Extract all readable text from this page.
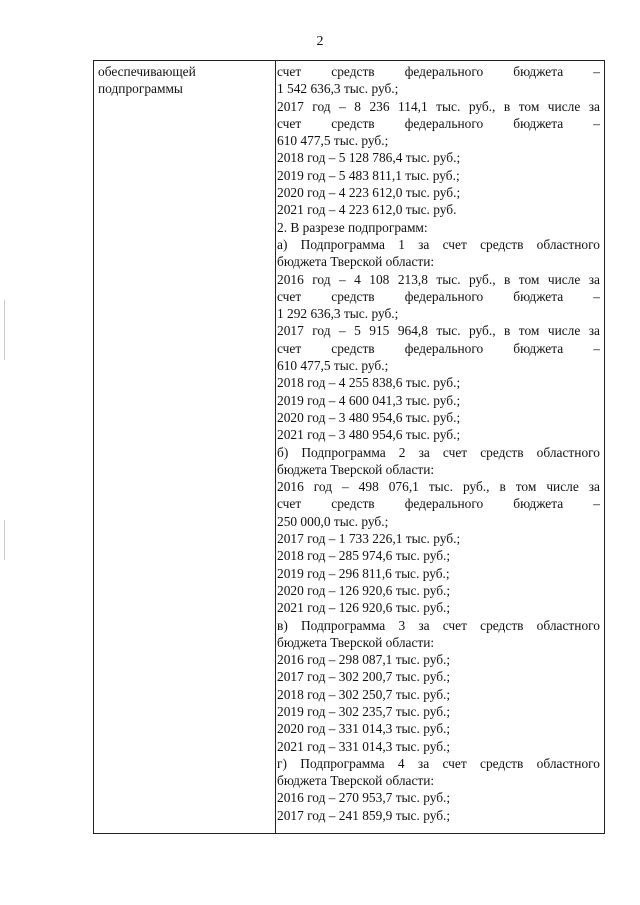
2
обеспечивающей
подпрограммы
счет средств федерального бюджета –
1 542 636,3 тыс. руб.;
2017 год – 8 236 114,1 тыс. руб., в том числе за
счет средств федерального бюджета –
610 477,5 тыс. руб.;
2018 год – 5 128 786,4 тыс. руб.;
2019 год – 5 483 811,1 тыс. руб.;
2020 год – 4 223 612,0 тыс. руб.;
2021 год – 4 223 612,0 тыс. руб.
2. В разрезе подпрограмм:
а) Подпрограмма 1 за счет средств областного
бюджета Тверской области:
2016 год – 4 108 213,8 тыс. руб., в том числе за
счет средств федерального бюджета –
1 292 636,3 тыс. руб.;
2017 год – 5 915 964,8 тыс. руб., в том числе за
счет средств федерального бюджета –
610 477,5 тыс. руб.;
2018 год – 4 255 838,6 тыс. руб.;
2019 год – 4 600 041,3 тыс. руб.;
2020 год – 3 480 954,6 тыс. руб.;
2021 год – 3 480 954,6 тыс. руб.;
б) Подпрограмма 2 за счет средств областного
бюджета Тверской области:
2016 год – 498 076,1 тыс. руб., в том числе за
счет средств федерального бюджета –
250 000,0 тыс. руб.;
2017 год – 1 733 226,1 тыс. руб.;
2018 год – 285 974,6 тыс. руб.;
2019 год – 296 811,6 тыс. руб.;
2020 год – 126 920,6 тыс. руб.;
2021 год – 126 920,6 тыс. руб.;
в) Подпрограмма 3 за счет средств областного
бюджета Тверской области:
2016 год – 298 087,1 тыс. руб.;
2017 год – 302 200,7 тыс. руб.;
2018 год – 302 250,7 тыс. руб.;
2019 год – 302 235,7 тыс. руб.;
2020 год – 331 014,3 тыс. руб.;
2021 год – 331 014,3 тыс. руб.;
г) Подпрограмма 4 за счет средств областного
бюджета Тверской области:
2016 год – 270 953,7 тыс. руб.;
2017 год – 241 859,9 тыс. руб.;
